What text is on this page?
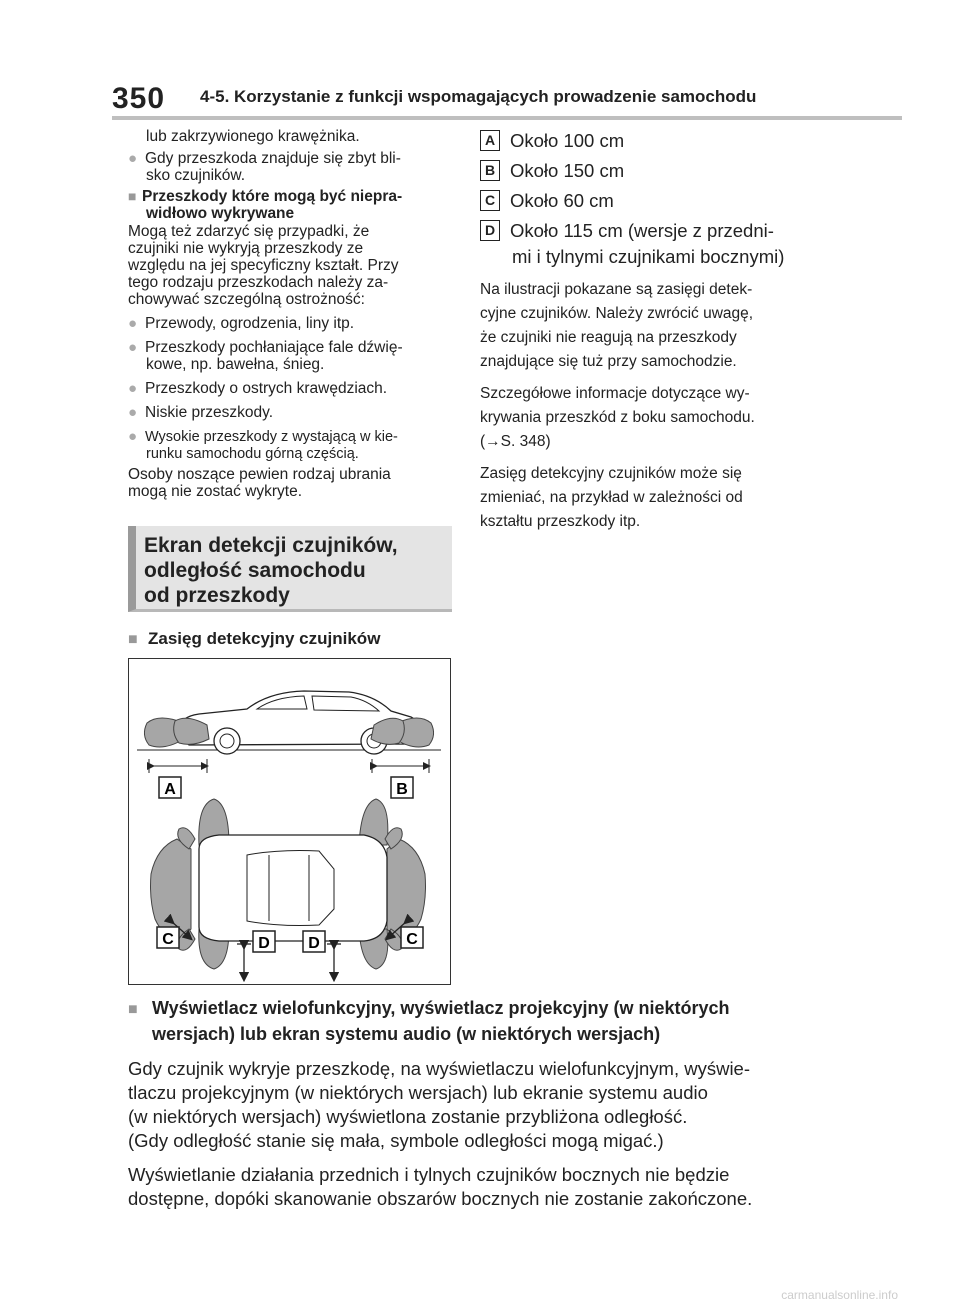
350 4-5. Korzystanie z funkcji wspomagających prowadzenie samochodu
lub zakrzywionego krawężnika.
● Gdy przeszkoda znajduje się zbyt bli-
sko czujników.
■ Przeszkody które mogą być niepra-
widłowo wykrywane
Mogą też zdarzyć się przypadki, że
czujniki nie wykryją przeszkody ze
względu na jej specyficzny kształt. Przy
tego rodzaju przeszkodach należy za-
chowywać szczególną ostrożność:
● Przewody, ogrodzenia, liny itp.
● Przeszkody pochłaniające fale dźwię-
kowe, np. bawełna, śnieg.
● Przeszkody o ostrych krawędziach.
● Niskie przeszkody.
● Wysokie przeszkody z wystającą w kie-
runku samochodu górną częścią.
Osoby noszące pewien rodzaj ubrania
mogą nie zostać wykryte.
Ekran detekcji czujników,
odległość samochodu
od przeszkody
■ Zasięg detekcyjny czujników
A	B
C	D D	C
A Około 100 cm
B Około 150 cm
C Około 60 cm
D Około 115 cm (wersje z przedni-
mi i tylnymi czujnikami bocznymi)
Na ilustracji pokazane są zasięgi detek-
cyjne czujników. Należy zwrócić uwagę,
że czujniki nie reagują na przeszkody
znajdujące się tuż przy samochodzie.
Szczegółowe informacje dotyczące wy-
krywania przeszkód z boku samochodu.
(→S. 348)
Zasięg detekcyjny czujników może się
zmieniać, na przykład w zależności od
kształtu przeszkody itp.
■ Wyświetlacz wielofunkcyjny, wyświetlacz projekcyjny (w niektórych
wersjach) lub ekran systemu audio (w niektórych wersjach)
Gdy czujnik wykryje przeszkodę, na wyświetlaczu wielofunkcyjnym, wyświe-
tlaczu projekcyjnym (w niektórych wersjach) lub ekranie systemu audio
(w niektórych wersjach) wyświetlona zostanie przybliżona odległość.
(Gdy odległość stanie się mała, symbole odległości mogą migać.)
Wyświetlanie działania przednich i tylnych czujników bocznych nie będzie
dostępne, dopóki skanowanie obszarów bocznych nie zostanie zakończone.
carmanualsonline.info
